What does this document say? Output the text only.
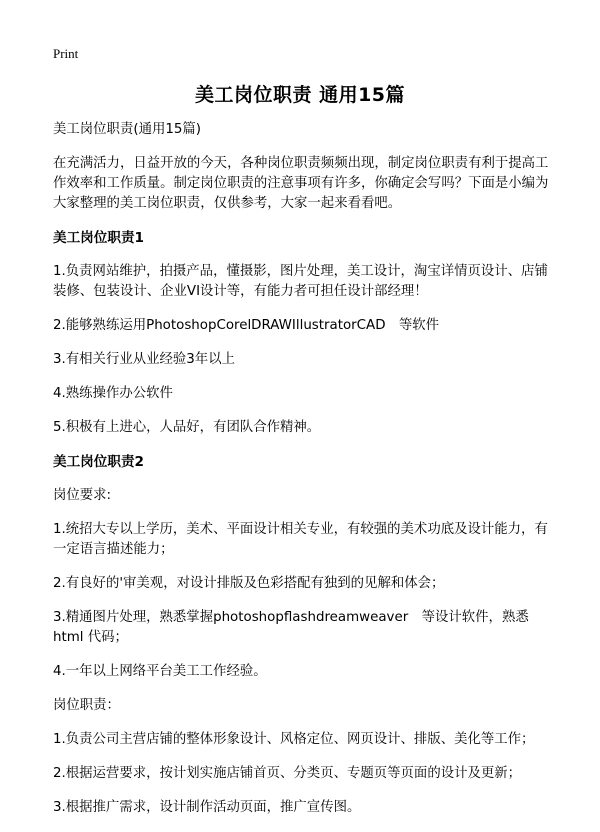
Print
美工岗位职责 通用15篇

美工岗位职责(通用15篇)

在充满活力，日益开放的今天，各种岗位职责频频出现，制定岗位职责有利于提高工作效率和工作质量。制定岗位职责的注意事项有许多，你确定会写吗？下面是小编为大家整理的美工岗位职责，仅供参考，大家一起来看看吧。

美工岗位职责1

1.负责网站维护，拍摄产品，懂摄影，图片处理，美工设计，淘宝详情页设计、店铺装修、包装设计、企业VI设计等，有能力者可担任设计部经理！
2.能够熟练运用PhotoshopCorelDRAWIllustratorCAD　等软件
3.有相关行业从业经验3年以上
4.熟练操作办公软件
5.积极有上进心，人品好，有团队合作精神。

美工岗位职责2

岗位要求:

1.统招大专以上学历，美术、平面设计相关专业，有较强的美术功底及设计能力，有一定语言描述能力；
2.有良好的'审美观，对设计排版及色彩搭配有独到的见解和体会；
3.精通图片处理，熟悉掌握photoshopflashdreamweaver　等设计软件，熟悉html 代码；
4.一年以上网络平台美工工作经验。

岗位职责：

1.负责公司主营店铺的整体形象设计、风格定位、网页设计、排版、美化等工作；
2.根据运营要求，按计划实施店铺首页、分类页、专题页等页面的设计及更新；
3.根据推广需求，设计制作活动页面，推广宣传图。
